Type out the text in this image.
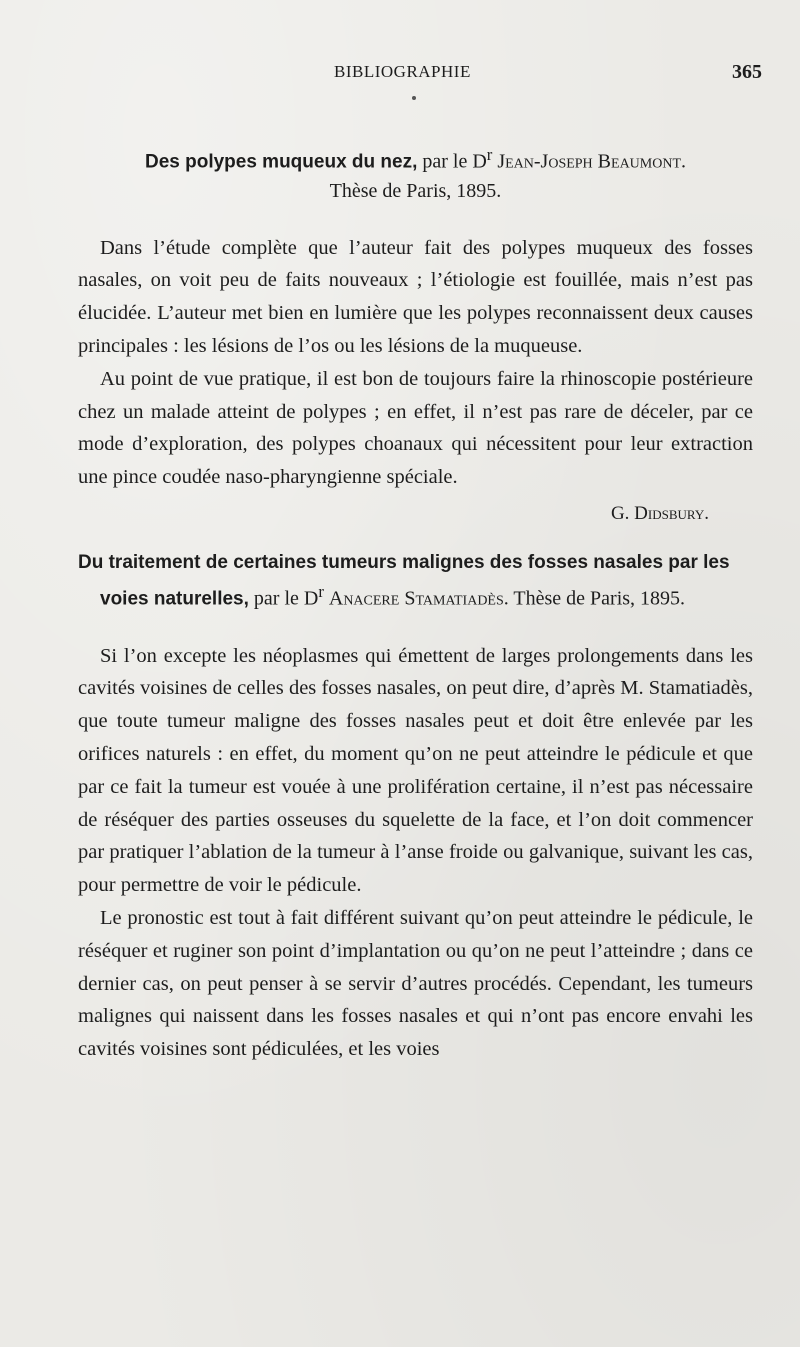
BIBLIOGRAPHIE	365

Des polypes muqueux du nez, par le $D^r$ Jean-Joseph Beaumont.
Thèse de Paris, 1895.

Dans l’étude complète que l’auteur fait des polypes muqueux des fosses nasales, on voit peu de faits nouveaux ; l’étiologie est fouillée, mais n’est pas élucidée. L’auteur met bien en lumière que les polypes reconnaissent deux causes principales : les lésions de l’os ou les lésions de la muqueuse.

Au point de vue pratique, il est bon de toujours faire la rhinoscopie postérieure chez un malade atteint de polypes ; en effet, il n’est pas rare de déceler, par ce mode d’exploration, des polypes choanaux qui nécessitent pour leur extraction une pince coudée naso-pharyngienne spéciale.

G. Didsbury.

Du traitement de certaines tumeurs malignes des fosses nasales par les voies naturelles, par le $D^r$ Anacere Stamatiadès. Thèse de Paris, 1895.

Si l’on excepte les néoplasmes qui émettent de larges prolongements dans les cavités voisines de celles des fosses nasales, on peut dire, d’après M. Stamatiadès, que toute tumeur maligne des fosses nasales peut et doit être enlevée par les orifices naturels : en effet, du moment qu’on ne peut atteindre le pédicule et que par ce fait la tumeur est vouée à une prolifération certaine, il n’est pas nécessaire de réséquer des parties osseuses du squelette de la face, et l’on doit commencer par pratiquer l’ablation de la tumeur à l’anse froide ou galvanique, suivant les cas, pour permettre de voir le pédicule.

Le pronostic est tout à fait différent suivant qu’on peut atteindre le pédicule, le réséquer et ruginer son point d’implantation ou qu’on ne peut l’atteindre ; dans ce dernier cas, on peut penser à se servir d’autres procédés. Cependant, les tumeurs malignes qui naissent dans les fosses nasales et qui n’ont pas encore envahi les cavités voisines sont pédiculées, et les voies
